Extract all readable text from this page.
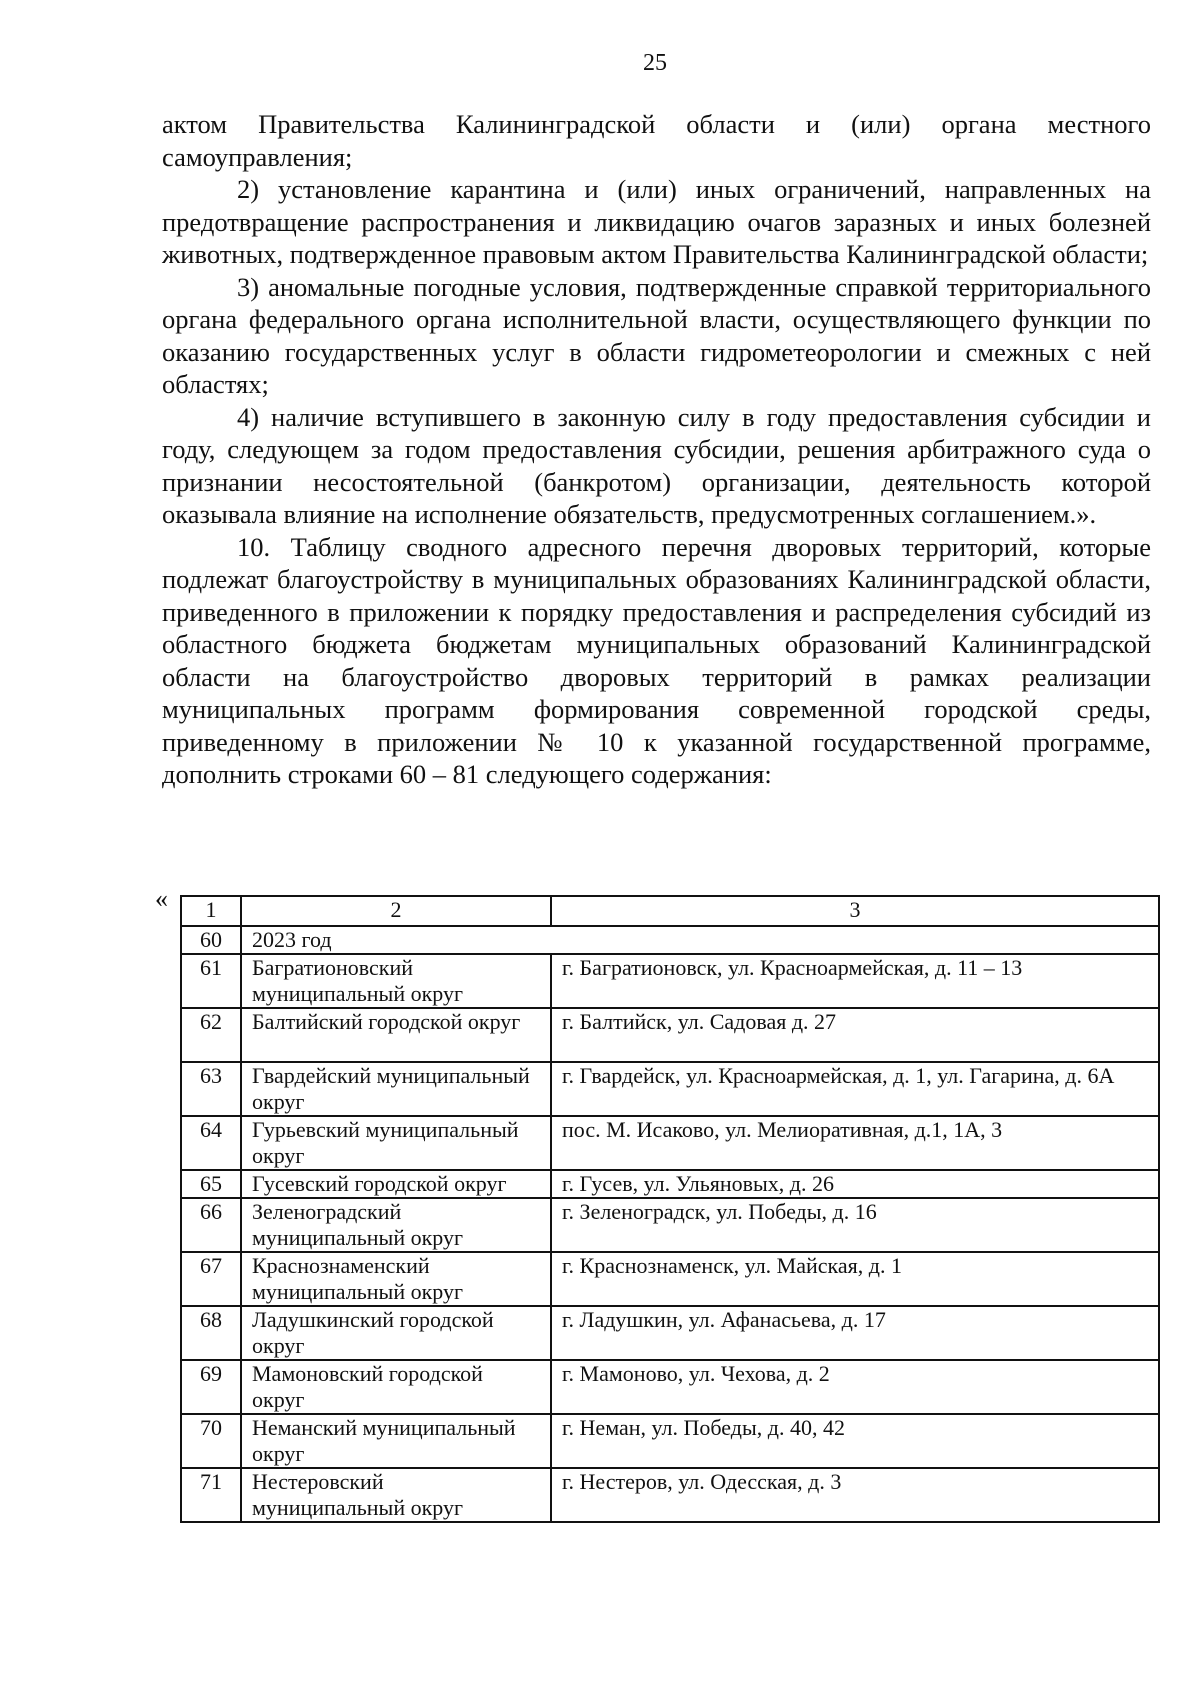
25

актом Правительства Калининградской области и (или) органа местного самоуправления;

2) установление карантина и (или) иных ограничений, направленных на предотвращение распространения и ликвидацию очагов заразных и иных болезней животных, подтвержденное правовым актом Правительства Калининградской области;

3) аномальные погодные условия, подтвержденные справкой территориального органа федерального органа исполнительной власти, осуществляющего функции по оказанию государственных услуг в области гидрометеорологии и смежных с ней областях;

4) наличие вступившего в законную силу в году предоставления субсидии и году, следующем за годом предоставления субсидии, решения арбитражного суда о признании несостоятельной (банкротом) организации, деятельность которой оказывала влияние на исполнение обязательств, предусмотренных соглашением.».

10. Таблицу сводного адресного перечня дворовых территорий, которые подлежат благоустройству в муниципальных образованиях Калининградской области, приведенного в приложении к порядку предоставления и распределения субсидий из областного бюджета бюджетам муниципальных образований Калининградской области на благоустройство дворовых территорий в рамках реализации муниципальных программ формирования современной городской среды, приведенному в приложении № 10 к указанной государственной программе, дополнить строками 60 – 81 следующего содержания:

« 1	2	3
60	2023 год	
61	Багратионовский муниципальный округ	г. Багратионовск, ул. Красноармейская, д. 11 – 13
62	Балтийский городской округ	г. Балтийск, ул. Садовая д. 27
63	Гвардейский муниципальный округ	г. Гвардейск, ул. Красноармейская, д. 1, ул. Гагарина, д. 6А
64	Гурьевский муниципальный округ	пос. М. Исаково, ул. Мелиоративная, д.1, 1А, 3
65	Гусевский городской округ	г. Гусев, ул. Ульяновых, д. 26
66	Зеленоградский муниципальный округ	г. Зеленоградск, ул. Победы, д. 16
67	Краснознаменский муниципальный округ	г. Краснознаменск, ул. Майская, д. 1
68	Ладушкинский городской округ	г. Ладушкин, ул. Афанасьева, д. 17
69	Мамоновский городской округ	г. Мамоново, ул. Чехова, д. 2
70	Неманский муниципальный округ	г. Неман, ул. Победы, д. 40, 42
71	Нестеровский муниципальный округ	г. Нестеров, ул. Одесская, д. 3
